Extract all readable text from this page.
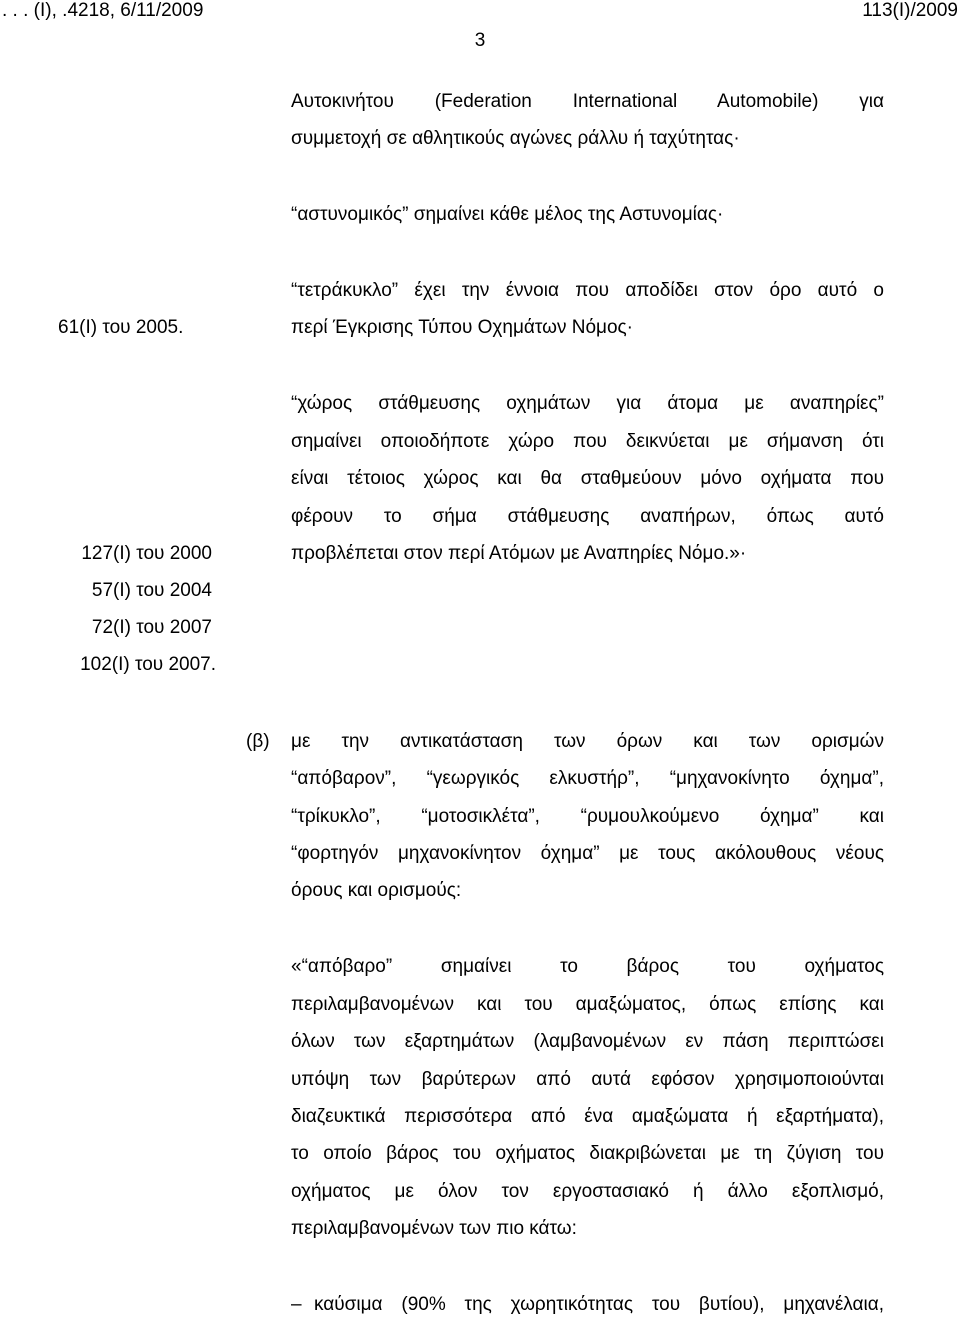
. . . (Ι), .4218, 6/11/2009	113(Ι)/2009
3
Αυτοκινήτου (Federation International Automobile) για
συμμετοχή σε αθλητικούς αγώνες ράλλυ ή ταχύτητας·
“αστυνομικός” σημαίνει κάθε μέλος της Αστυνομίας·
“τετράκυκλο” έχει την έννοια που αποδίδει στον όρο αυτό ο
περί Έγκρισης Τύπου Οχημάτων Νόμος·
61(Ι) του 2005.
“χώρος στάθμευσης οχημάτων για άτομα με αναπηρίες”
σημαίνει οποιοδήποτε χώρο που δεικνύεται με σήμανση ότι
είναι τέτοιος χώρος και θα σταθμεύουν μόνο οχήματα που
φέρουν το σήμα στάθμευσης αναπήρων, όπως αυτό
προβλέπεται στον περί Ατόμων με Αναπηρίες Νόμο.»·
127(Ι) του 2000
57(Ι) του 2004
72(Ι) του 2007
102(Ι) του 2007.
(β) με την αντικατάσταση των όρων και των ορισμών
“απόβαρον”, “γεωργικός ελκυστήρ”, “μηχανοκίνητο όχημα”,
“τρίκυκλο”, “μοτοσικλέτα”, “ρυμουλκούμενο όχημα” και
“φορτηγόν μηχανοκίνητον όχημα” με τους ακόλουθους νέους
όρους και ορισμούς:
«“απόβαρο” σημαίνει το βάρος του οχήματος
περιλαμβανομένων και του αμαξώματος, όπως επίσης και
όλων των εξαρτημάτων (λαμβανομένων εν πάση περιπτώσει
υπόψη των βαρύτερων από αυτά εφόσον χρησιμοποιούνται
διαζευκτικά περισσότερα από ένα αμαξώματα ή εξαρτήματα),
το οποίο βάρος του οχήματος διακριβώνεται με τη ζύγιση του
οχήματος με όλον τον εργοστασιακό ή άλλο εξοπλισμό,
περιλαμβανομένων των πιο κάτω:
– καύσιμα (90% της χωρητικότητας του βυτίου), μηχανέλαια,
